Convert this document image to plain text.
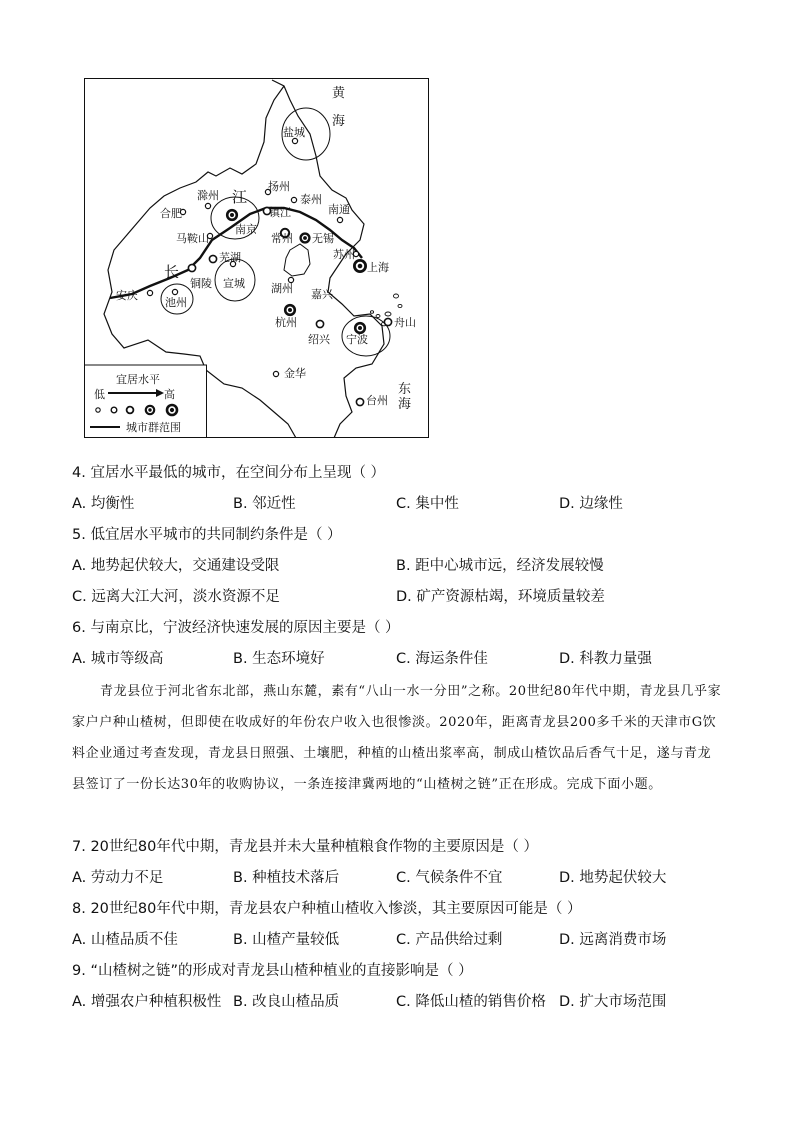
黄
海
东
海
江
长
盐城
扬州
滁州	泰州
合肥	镇江	南通
马鞍山
南京
常州 无锡
苏州
芜湖
上海
铜陵 宣城 湖州
安庆
池州
嘉兴
舟山
杭州
绍兴 宁波
金华
台州
宜居水平
低	高
城市群范围
4. 宜居水平最低的城市，在空间分布上呈现（ ）
A. 均衡性	B. 邻近性	C. 集中性	D. 边缘性
5. 低宜居水平城市的共同制约条件是（ ）
A. 地势起伏较大，交通建设受限	B. 距中心城市远，经济发展较慢
C. 远离大江大河，淡水资源不足	D. 矿产资源枯竭，环境质量较差
6. 与南京比，宁波经济快速发展的原因主要是（ ）
A. 城市等级高	B. 生态环境好	C. 海运条件佳	D. 科教力量强

青龙县位于河北省东北部，燕山东麓，素有“八山一水一分田”之称。20世纪80年代中期，青龙县几乎家家户户种山楂树，但即使在收成好的年份农户收入也很惨淡。2020年，距离青龙县200多千米的天津市G饮料企业通过考查发现，青龙县日照强、土壤肥，种植的山楂出浆率高，制成山楂饮品后香气十足，遂与青龙县签订了一份长达30年的收购协议，一条连接津冀两地的“山楂树之链”正在形成。完成下面小题。

7. 20世纪80年代中期，青龙县并未大量种植粮食作物的主要原因是（ ）
A. 劳动力不足	B. 种植技术落后	C. 气候条件不宜	D. 地势起伏较大
8. 20世纪80年代中期，青龙县农户种植山楂收入惨淡，其主要原因可能是（ ）
A. 山楂品质不佳	B. 山楂产量较低	C. 产品供给过剩	D. 远离消费市场
9. “山楂树之链”的形成对青龙县山楂种植业的直接影响是（ ）
A. 增强农户种植积极性 B. 改良山楂品质	C. 降低山楂的销售价格 D. 扩大市场范围
